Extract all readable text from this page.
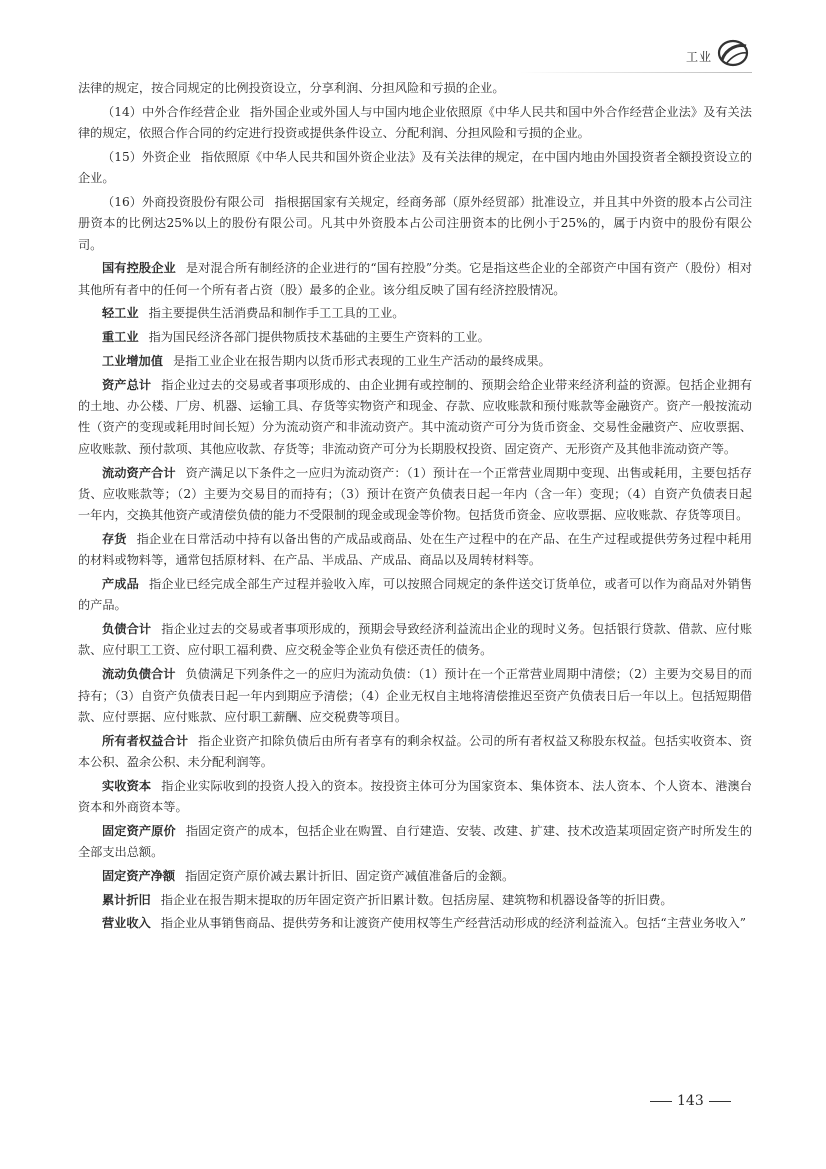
工业

法律的规定，按合同规定的比例投资设立，分享利润、分担风险和亏损的企业。

（14）中外合作经营企业 指外国企业或外国人与中国内地企业依照原《中华人民共和国中外合作经营企业法》及有关法律的规定，依照合作合同的约定进行投资或提供条件设立、分配利润、分担风险和亏损的企业。

（15）外资企业 指依照原《中华人民共和国外资企业法》及有关法律的规定，在中国内地由外国投资者全额投资设立的企业。

（16）外商投资股份有限公司 指根据国家有关规定，经商务部（原外经贸部）批准设立，并且其中外资的股本占公司注册资本的比例达25%以上的股份有限公司。凡其中外资股本占公司注册资本的比例小于25%的，属于内资中的股份有限公司。

国有控股企业 是对混合所有制经济的企业进行的“国有控股”分类。它是指这些企业的全部资产中国有资产（股份）相对其他所有者中的任何一个所有者占资（股）最多的企业。该分组反映了国有经济控股情况。

轻工业 指主要提供生活消费品和制作手工工具的工业。

重工业 指为国民经济各部门提供物质技术基础的主要生产资料的工业。

工业增加值 是指工业企业在报告期内以货币形式表现的工业生产活动的最终成果。

资产总计 指企业过去的交易或者事项形成的、由企业拥有或控制的、预期会给企业带来经济利益的资源。包括企业拥有的土地、办公楼、厂房、机器、运输工具、存货等实物资产和现金、存款、应收账款和预付账款等金融资产。资产一般按流动性（资产的变现或耗用时间长短）分为流动资产和非流动资产。其中流动资产可分为货币资金、交易性金融资产、应收票据、应收账款、预付款项、其他应收款、存货等；非流动资产可分为长期股权投资、固定资产、无形资产及其他非流动资产等。

流动资产合计 资产满足以下条件之一应归为流动资产：（1）预计在一个正常营业周期中变现、出售或耗用，主要包括存货、应收账款等；（2）主要为交易目的而持有；（3）预计在资产负债表日起一年内（含一年）变现；（4）自资产负债表日起一年内，交换其他资产或清偿负债的能力不受限制的现金或现金等价物。包括货币资金、应收票据、应收账款、存货等项目。

存货 指企业在日常活动中持有以备出售的产成品或商品、处在生产过程中的在产品、在生产过程或提供劳务过程中耗用的材料或物料等，通常包括原材料、在产品、半成品、产成品、商品以及周转材料等。

产成品 指企业已经完成全部生产过程并验收入库，可以按照合同规定的条件送交订货单位，或者可以作为商品对外销售的产品。

负债合计 指企业过去的交易或者事项形成的，预期会导致经济利益流出企业的现时义务。包括银行贷款、借款、应付账款、应付职工工资、应付职工福利费、应交税金等企业负有偿还责任的债务。

流动负债合计 负债满足下列条件之一的应归为流动负债：（1）预计在一个正常营业周期中清偿；（2）主要为交易目的而持有；（3）自资产负债表日起一年内到期应予清偿；（4）企业无权自主地将清偿推迟至资产负债表日后一年以上。包括短期借款、应付票据、应付账款、应付职工薪酬、应交税费等项目。

所有者权益合计 指企业资产扣除负债后由所有者享有的剩余权益。公司的所有者权益又称股东权益。包括实收资本、资本公积、盈余公积、未分配利润等。

实收资本 指企业实际收到的投资人投入的资本。按投资主体可分为国家资本、集体资本、法人资本、个人资本、港澳台资本和外商资本等。

固定资产原价 指固定资产的成本，包括企业在购置、自行建造、安装、改建、扩建、技术改造某项固定资产时所发生的全部支出总额。

固定资产净额 指固定资产原价减去累计折旧、固定资产减值准备后的金额。

累计折旧 指企业在报告期末提取的历年固定资产折旧累计数。包括房屋、建筑物和机器设备等的折旧费。

营业收入 指企业从事销售商品、提供劳务和让渡资产使用权等生产经营活动形成的经济利益流入。包括“主营业务收入”

143
